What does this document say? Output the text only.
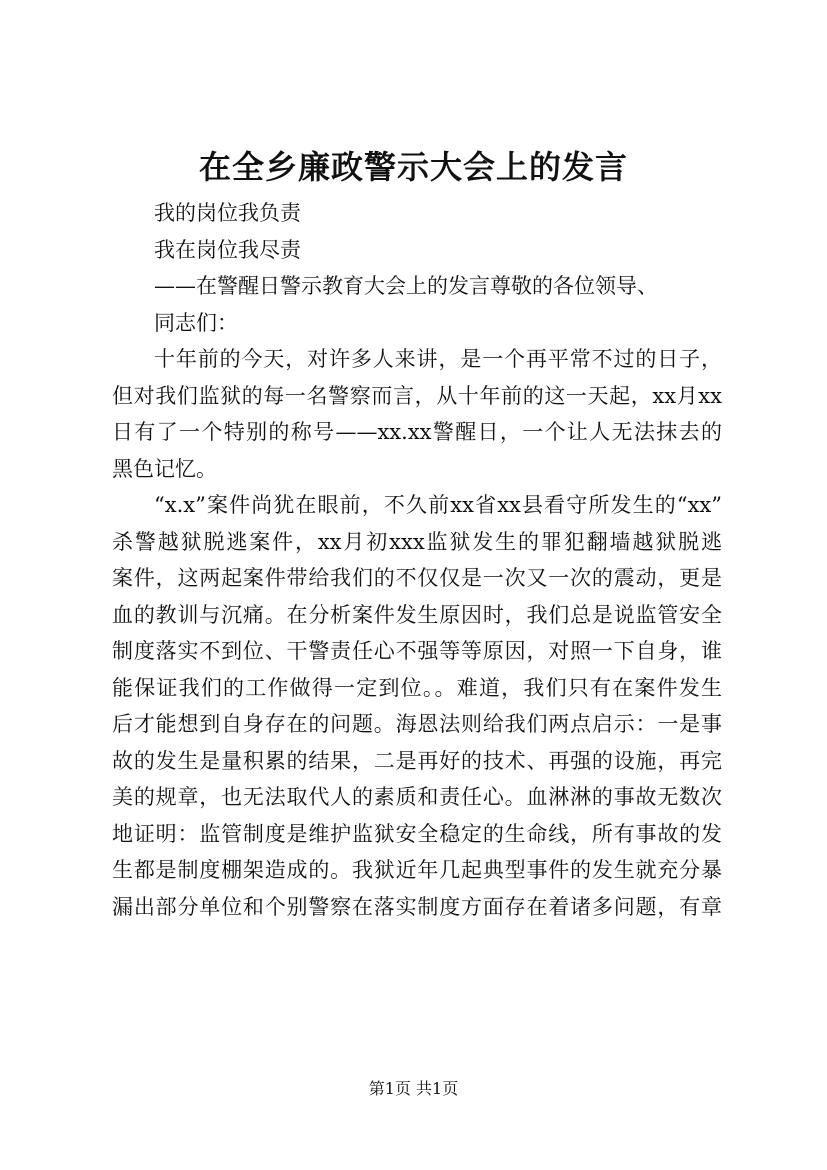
在全乡廉政警示大会上的发言
我的岗位我负责
我在岗位我尽责
——在警醒日警示教育大会上的发言尊敬的各位领导、
同志们：
十年前的今天，对许多人来讲，是一个再平常不过的日子，
但对我们监狱的每一名警察而言，从十年前的这一天起，xx月xx
日有了一个特别的称号——xx.xx警醒日，一个让人无法抹去的
黑色记忆。
“x.x”案件尚犹在眼前，不久前xx省xx县看守所发生的“xx”
杀警越狱脱逃案件，xx月初xxx监狱发生的罪犯翻墙越狱脱逃
案件，这两起案件带给我们的不仅仅是一次又一次的震动，更是
血的教训与沉痛。在分析案件发生原因时，我们总是说监管安全
制度落实不到位、干警责任心不强等等原因，对照一下自身，谁
能保证我们的工作做得一定到位。。难道，我们只有在案件发生
后才能想到自身存在的问题。海恩法则给我们两点启示：一是事
故的发生是量积累的结果，二是再好的技术、再强的设施，再完
美的规章，也无法取代人的素质和责任心。血淋淋的事故无数次
地证明：监管制度是维护监狱安全稳定的生命线，所有事故的发
生都是制度棚架造成的。我狱近年几起典型事件的发生就充分暴
漏出部分单位和个别警察在落实制度方面存在着诸多问题，有章
第1页 共1页
